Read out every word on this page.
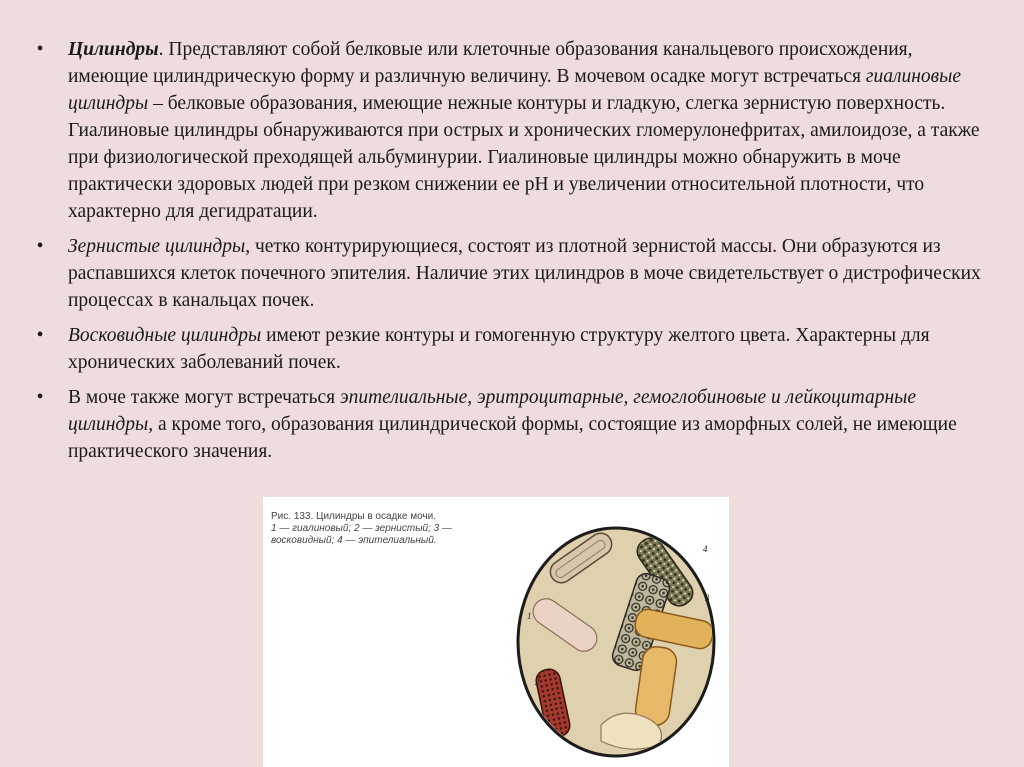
•	Цилиндры. Представляют собой белковые или клеточные образования канальцевого происхождения, имеющие цилиндрическую форму и различную величину. В мочевом осадке могут встречаться гиалиновые цилиндры – белковые образования, имеющие нежные контуры и гладкую, слегка зернистую поверхность. Гиалиновые цилиндры обнаруживаются при острых и хронических гломерулонефритах, амилоидозе, а также при физиологической преходящей альбуминурии. Гиалиновые цилиндры можно обнаружить в моче практически здоровых людей при резком снижении ее рН и увеличении относительной плотности, что характерно для дегидратации.
•	Зернистые цилиндры, четко контурирующиеся, состоят из плотной зернистой массы. Они образуются из распавшихся клеток почечного эпителия. Наличие этих цилиндров в моче свидетельствует о дистрофических процессах в канальцах почек.
•	Восковидные цилиндры имеют резкие контуры и гомогенную структуру желтого цвета. Характерны для хронических заболеваний почек.
•	В моче также могут встречаться эпителиальные, эритроцитарные, гемоглобиновые и лейкоцитарные цилиндры, а кроме того, образования цилиндрической формы, состоящие из аморфных солей, не имеющие практического значения.
Рис. 133. Цилиндры в осадке мочи.
1 — гиалиновый; 2 — зернистый; 3 — восковидный; 4 — эпителиальный.
1
2
3
4
